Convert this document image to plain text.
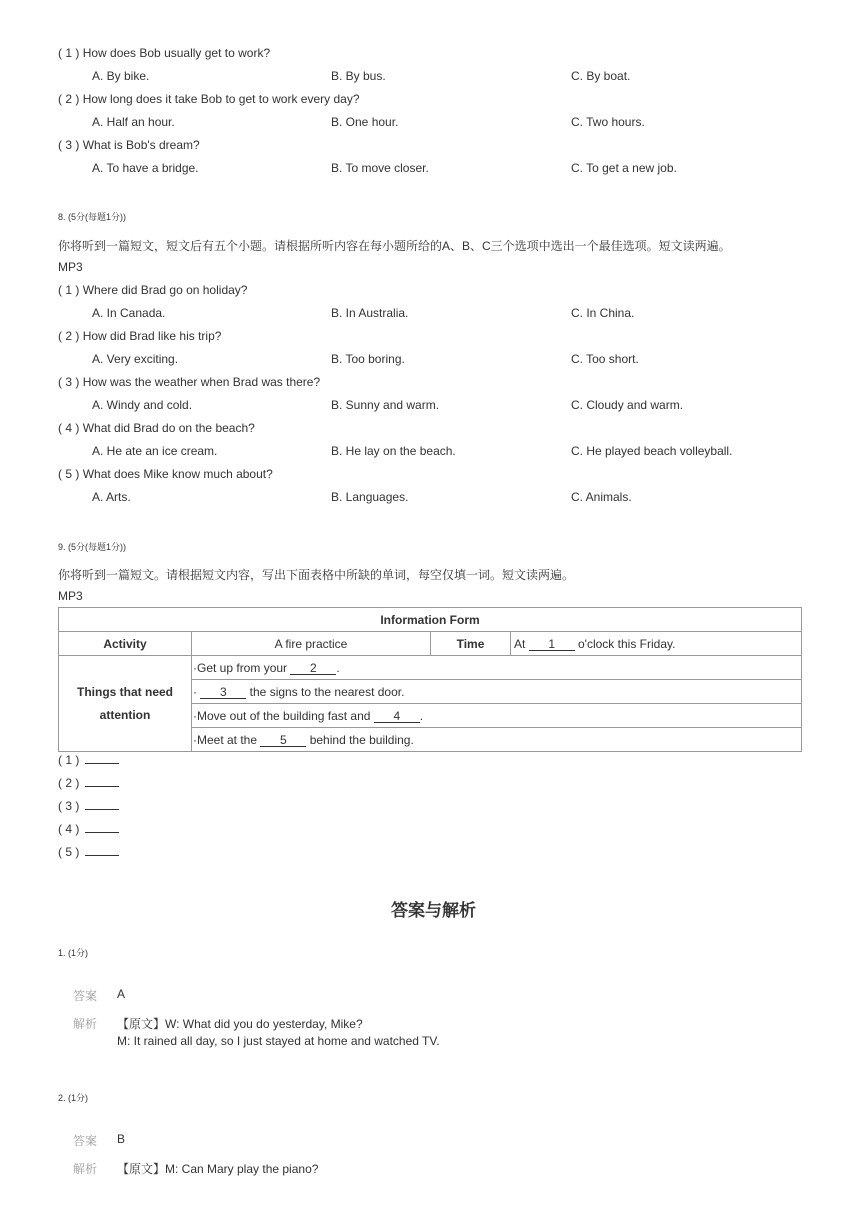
( 1 ) How does Bob usually get to work?
A. By bike.	B. By bus.	C. By boat.
( 2 ) How long does it take Bob to get to work every day?
A. Half an hour.	B. One hour.	C. Two hours.
( 3 ) What is Bob's dream?
A. To have a bridge.	B. To move closer.	C. To get a new job.
8. (5分(每题1分))
你将听到一篇短文，短文后有五个小题。请根据所听内容在每小题所给的A、B、C三个选项中选出一个最佳选项。短文读两遍。
MP3
( 1 ) Where did Brad go on holiday?
A. In Canada.	B. In Australia.	C. In China.
( 2 ) How did Brad like his trip?
A. Very exciting.	B. Too boring.	C. Too short.
( 3 ) How was the weather when Brad was there?
A. Windy and cold.	B. Sunny and warm.	C. Cloudy and warm.
( 4 ) What did Brad do on the beach?
A. He ate an ice cream.	B. He lay on the beach.	C. He played beach volleyball.
( 5 ) What does Mike know much about?
A. Arts.	B. Languages.	C. Animals.
9. (5分(每题1分))
你将听到一篇短文。请根据短文内容，写出下面表格中所缺的单词，每空仅填一词。短文读两遍。
MP3
Information Form			
Activity	A fire practice	Time	At 1 o'clock this Friday.
Things that need
attention	·Get up from your 2 .		
	· 3 the signs to the nearest door.		
	·Move out of the building fast and 4 .		
	·Meet at the 5 behind the building.		
( 1 )
( 2 )
( 3 )
( 4 )
( 5 )
答案与解析
1. (1分)
答案 A
解析 【原文】W: What did you do yesterday, Mike?
M: It rained all day, so I just stayed at home and watched TV.
2. (1分)
答案 B
解析 【原文】M: Can Mary play the piano?
